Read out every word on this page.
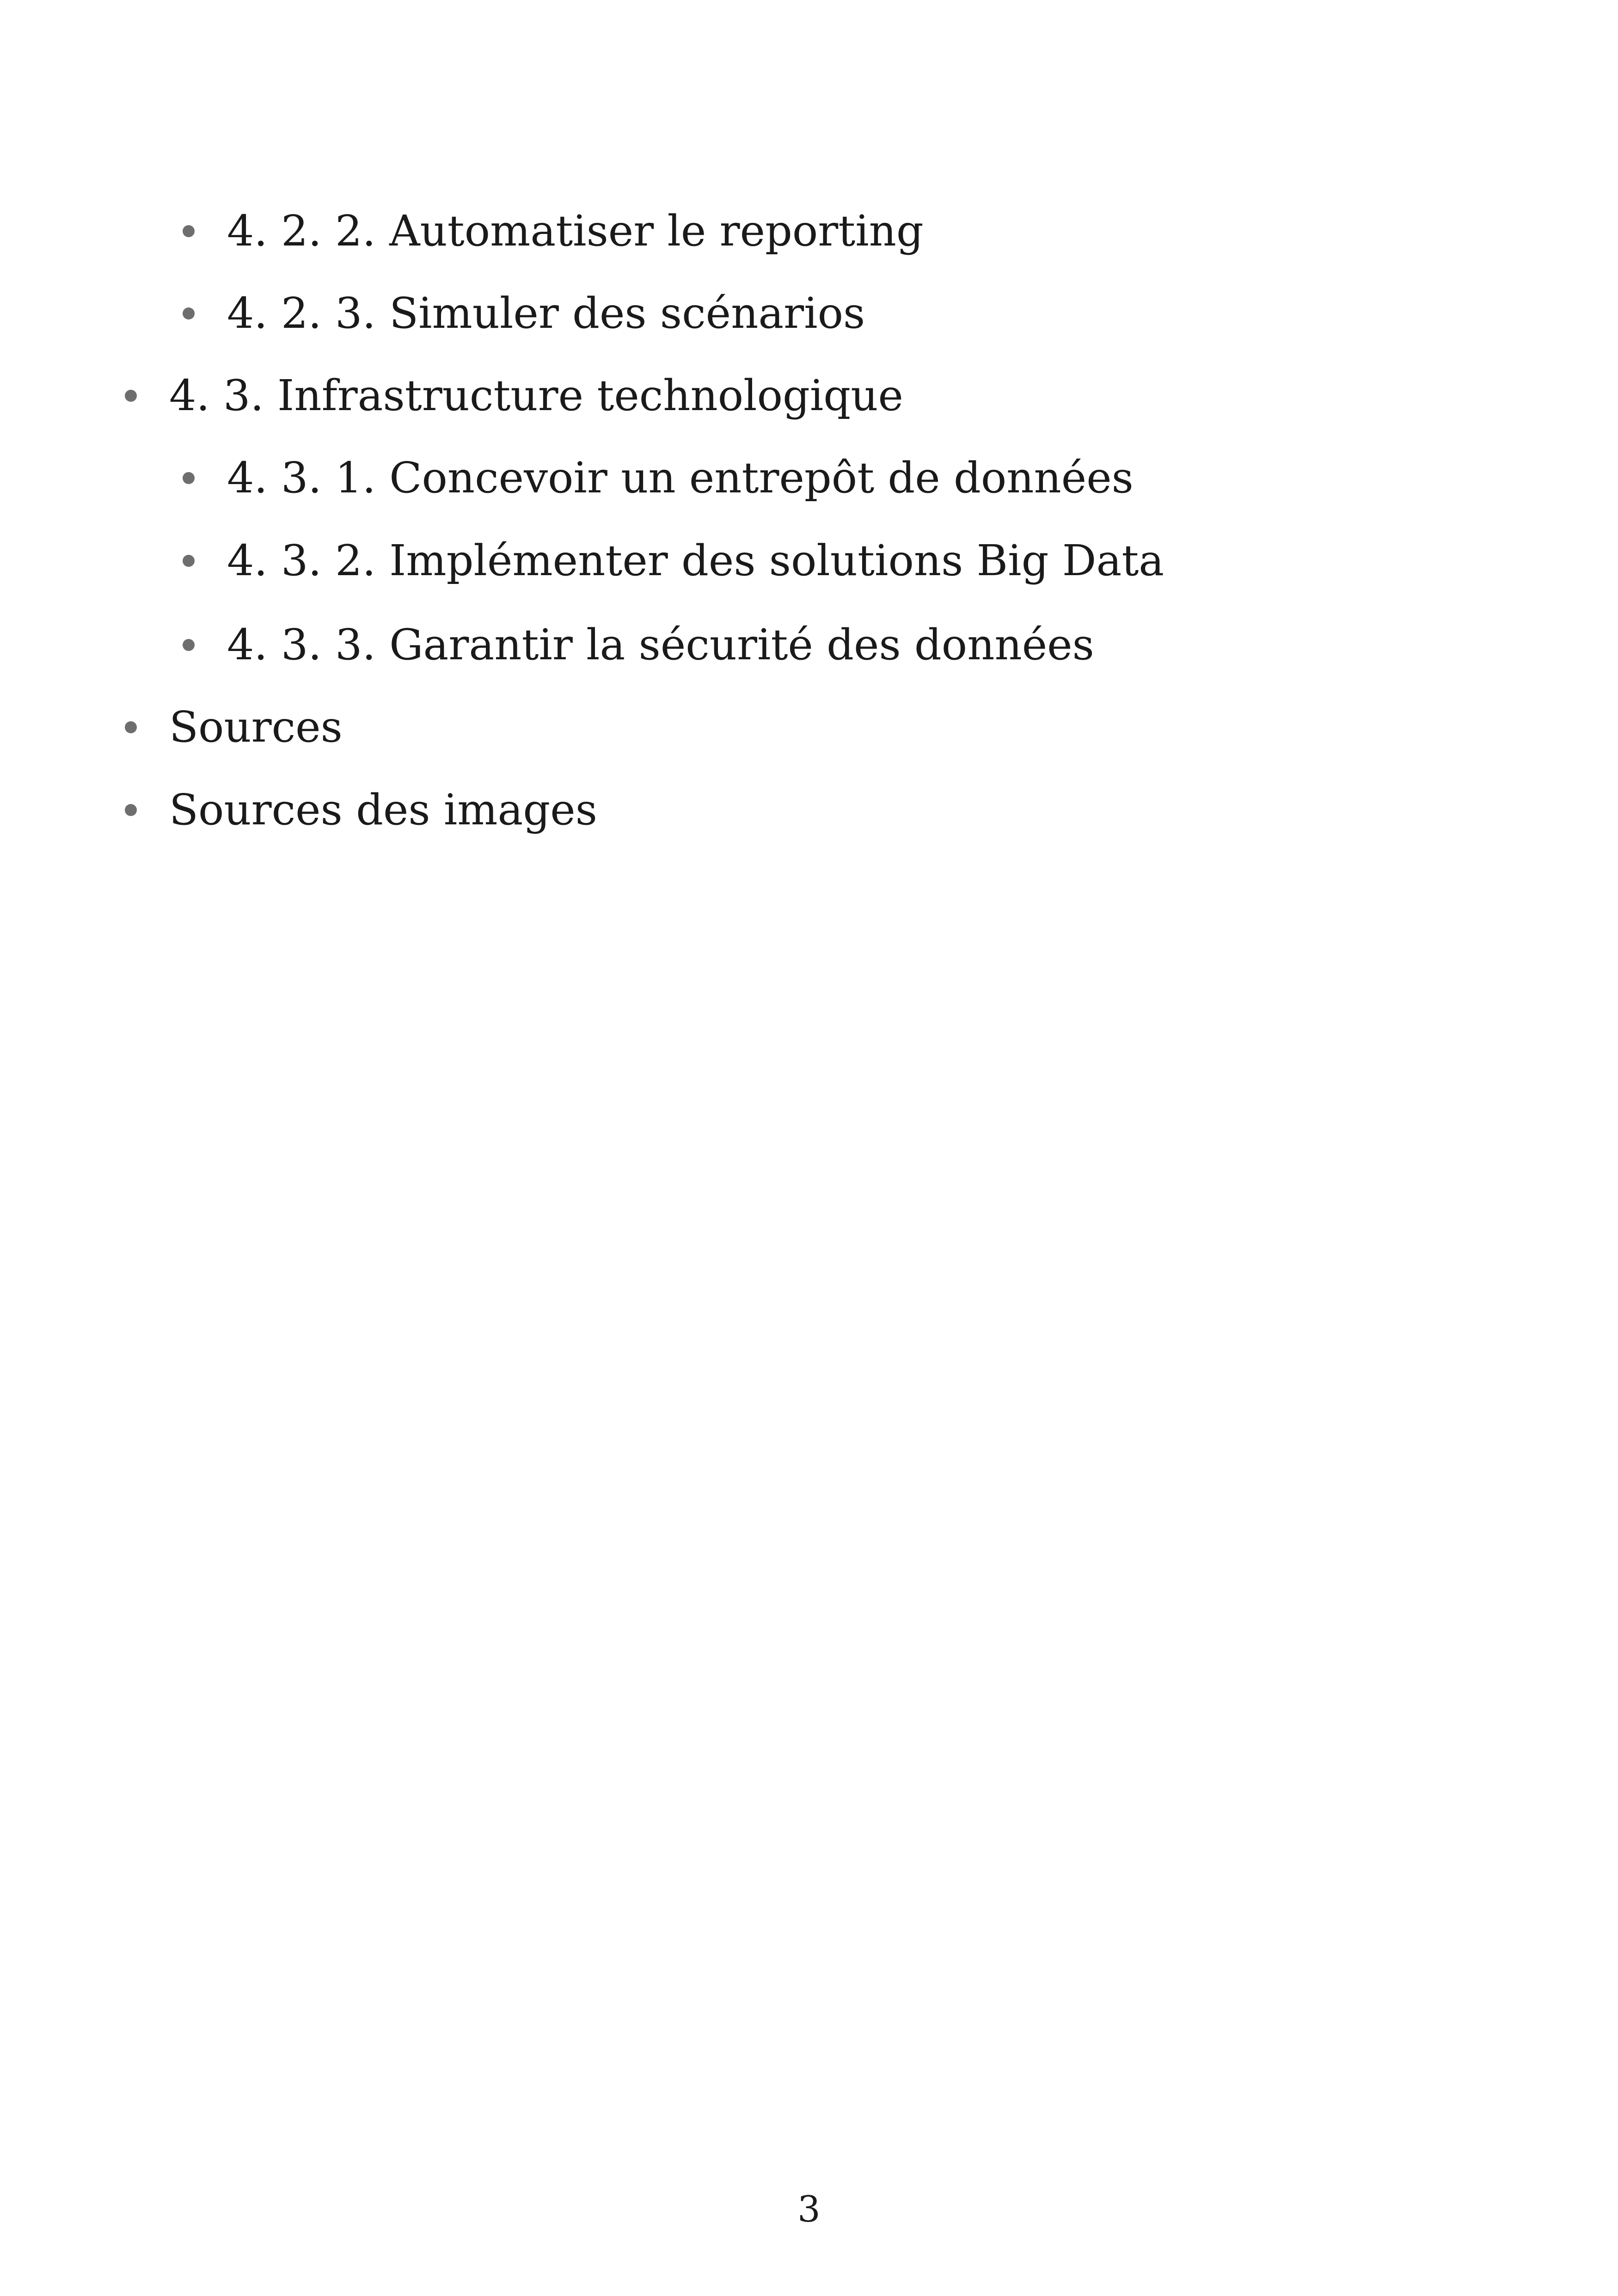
4. 2. 2. Automatiser le reporting
4. 2. 3. Simuler des scénarios
4. 3. Infrastructure technologique
4. 3. 1. Concevoir un entrepôt de données
4. 3. 2. Implémenter des solutions Big Data
4. 3. 3. Garantir la sécurité des données
Sources
Sources des images
3
